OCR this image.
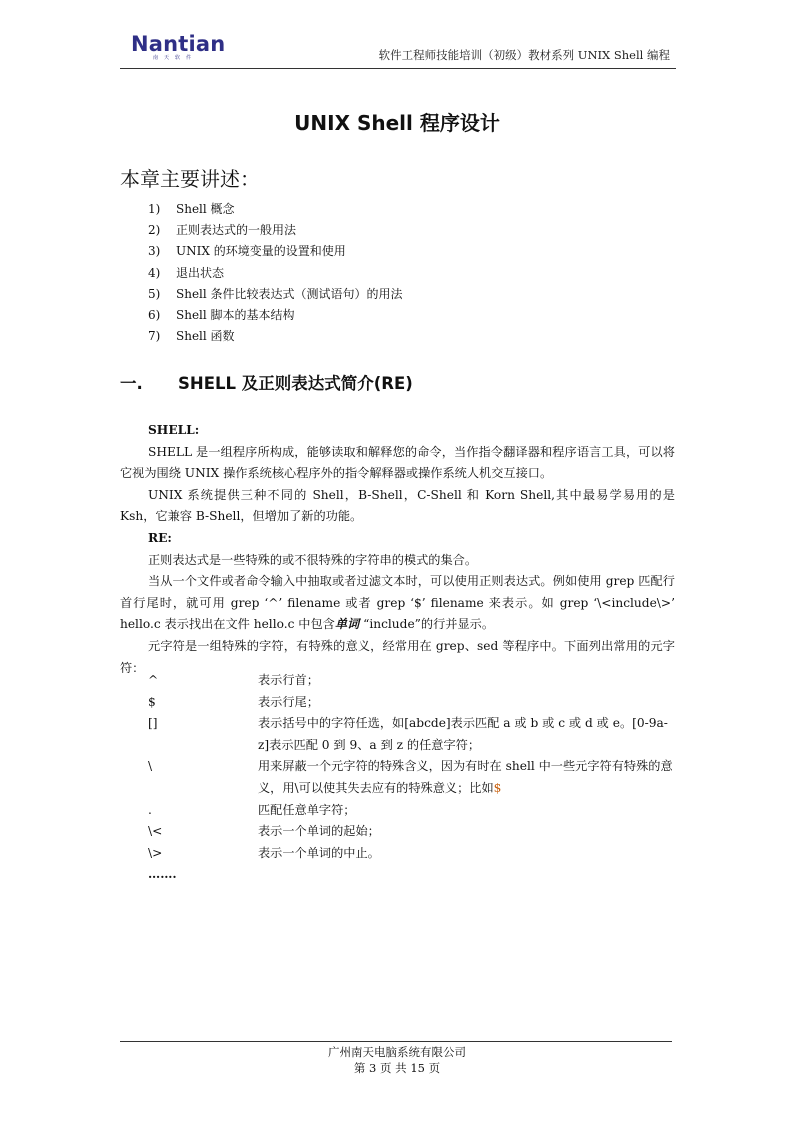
Nantian
南天软件	软件工程师技能培训（初级）教材系列 UNIX Shell 编程
UNIX Shell 程序设计
本章主要讲述：
1)	Shell 概念
2)	正则表达式的一般用法
3)	UNIX 的环境变量的设置和使用
4)	退出状态
5)	Shell 条件比较表达式（测试语句）的用法
6)	Shell 脚本的基本结构
7)	Shell 函数
一. SHELL 及正则表达式简介(RE)
SHELL:

SHELL 是一组程序所构成，能够读取和解释您的命令，当作指令翻译器和程序语言工具，可以将它视为围绕 UNIX 操作系统核心程序外的指令解释器或操作系统人机交互接口。

UNIX 系统提供三种不同的 Shell，B-Shell，C-Shell 和 Korn Shell,其中最易学易用的是 Ksh，它兼容 B-Shell，但增加了新的功能。

RE:

正则表达式是一些特殊的或不很特殊的字符串的模式的集合。

当从一个文件或者命令输入中抽取或者过滤文本时，可以使用正则表达式。例如使用 grep 匹配行首行尾时，就可用 grep ‘^’ filename 或者 grep ‘$’ filename 来表示。如 grep ‘\<include\>’ hello.c 表示找出在文件 hello.c 中包含单词 “include”的行并显示。

元字符是一组特殊的字符，有特殊的意义，经常用在 grep、sed 等程序中。下面列出常用的元字符：

^	表示行首；
$	表示行尾；
[]	表示括号中的字符任选，如[abcde]表示匹配 a 或 b 或 c 或 d 或 e。[0-9a-z]表示匹配 0 到 9、a 到 z 的任意字符；
\	用来屏蔽一个元字符的特殊含义，因为有时在 shell 中一些元字符有特殊的意义，用\可以使其失去应有的特殊意义；比如$
.	匹配任意单字符；
\<	表示一个单词的起始；
\>	表示一个单词的中止。
…….
广州南天电脑系统有限公司
第 3 页 共 15 页
